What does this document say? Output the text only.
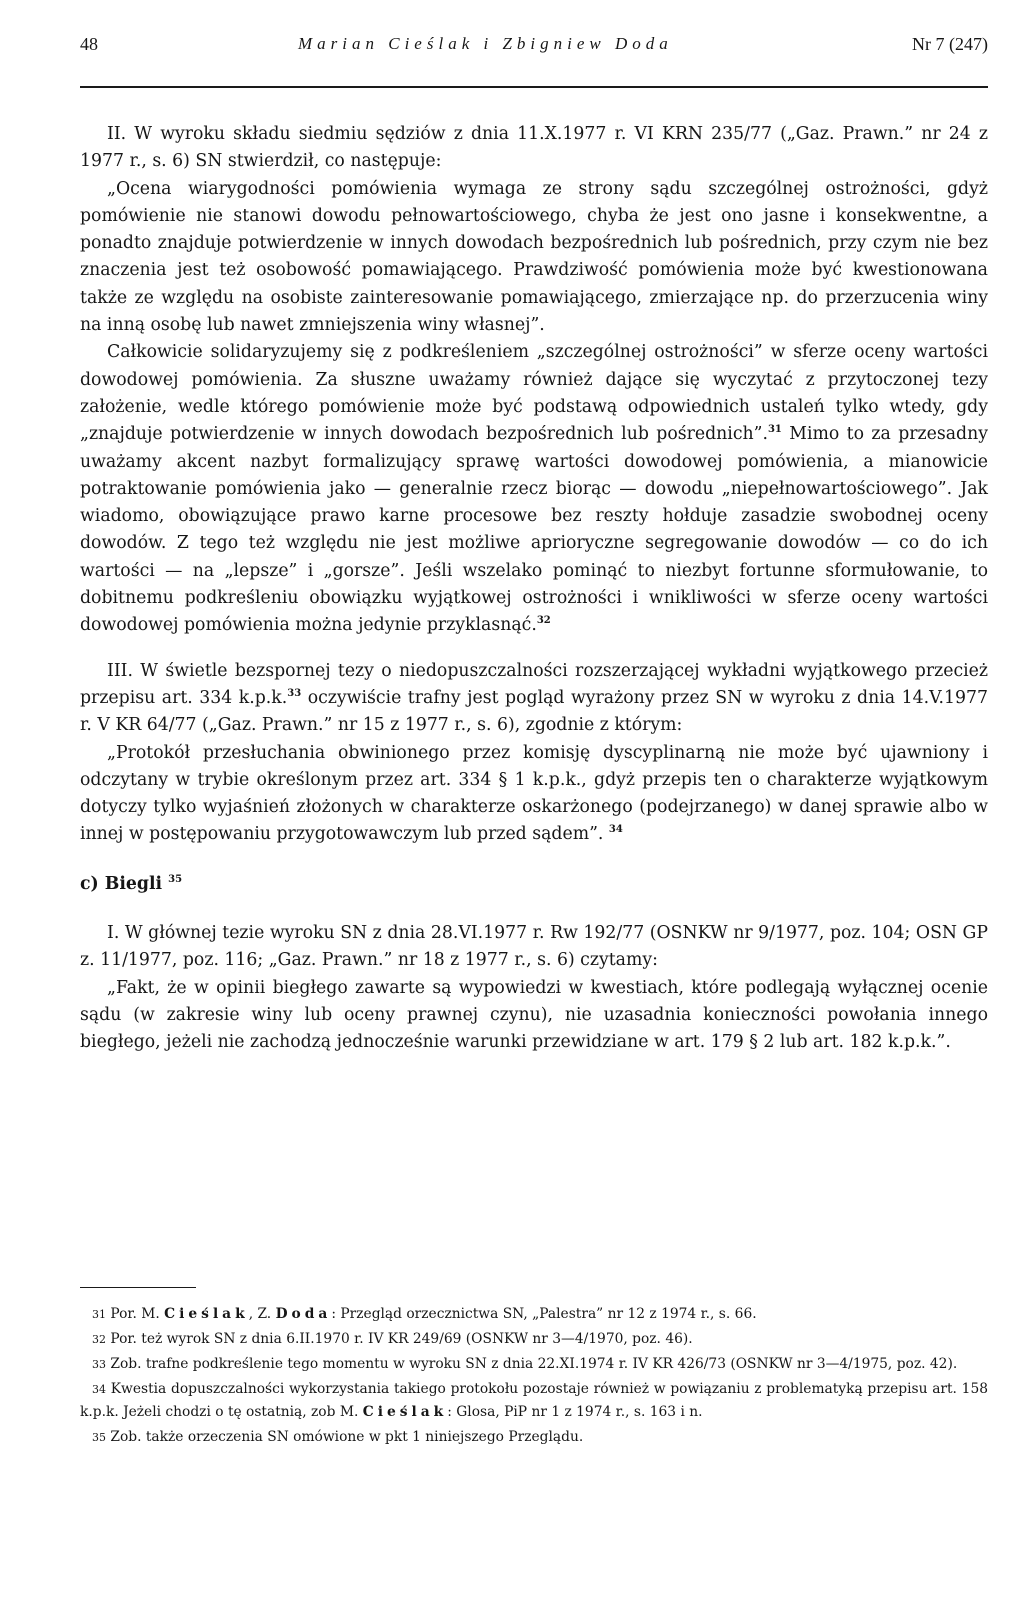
48	Marian Cieślak i Zbigniew Doda	Nr 7 (247)

II. W wyroku składu siedmiu sędziów z dnia 11.X.1977 r. VI KRN 235/77 („Gaz. Prawn.” nr 24 z 1977 r., s. 6) SN stwierdził, co następuje:

„Ocena wiarygodności pomówienia wymaga ze strony sądu szczególnej ostrożności, gdyż pomówienie nie stanowi dowodu pełnowartościowego, chyba że jest ono jasne i konsekwentne, a ponadto znajduje potwierdzenie w innych dowodach bezpośrednich lub pośrednich, przy czym nie bez znaczenia jest też osobowość pomawiającego. Prawdziwość pomówienia może być kwestionowana także ze względu na osobiste zainteresowanie pomawiającego, zmierzające np. do przerzucenia winy na inną osobę lub nawet zmniejszenia winy własnej”.

Całkowicie solidaryzujemy się z podkreśleniem „szczególnej ostrożności” w sferze oceny wartości dowodowej pomówienia. Za słuszne uważamy również dające się wyczytać z przytoczonej tezy założenie, wedle którego pomówienie może być podstawą odpowiednich ustaleń tylko wtedy, gdy „znajduje potwierdzenie w innych dowodach bezpośrednich lub pośrednich”.$^{31}$ Mimo to za przesadny uważamy akcent nazbyt formalizujący sprawę wartości dowodowej pomówienia, a mianowicie potraktowanie pomówienia jako — generalnie rzecz biorąc — dowodu „niepełnowartościowego”. Jak wiadomo, obowiązujące prawo karne procesowe bez reszty hołduje zasadzie swobodnej oceny dowodów. Z tego też względu nie jest możliwe aprioryczne segregowanie dowodów — co do ich wartości — na „lepsze” i „gorsze”. Jeśli wszelako pominąć to niezbyt fortunne sformułowanie, to dobitnemu podkreśleniu obowiązku wyjątkowej ostrożności i wnikliwości w sferze oceny wartości dowodowej pomówienia można jedynie przyklasnąć.$^{32}$

III. W świetle bezspornej tezy o niedopuszczalności rozszerzającej wykładni wyjątkowego przecież przepisu art. 334 k.p.k.$^{33}$ oczywiście trafny jest pogląd wyrażony przez SN w wyroku z dnia 14.V.1977 r. V KR 64/77 („Gaz. Prawn.” nr 15 z 1977 r., s. 6), zgodnie z którym:

„Protokół przesłuchania obwinionego przez komisję dyscyplinarną nie może być ujawniony i odczytany w trybie określonym przez art. 334 § 1 k.p.k., gdyż przepis ten o charakterze wyjątkowym dotyczy tylko wyjaśnień złożonych w charakterze oskarżonego (podejrzanego) w danej sprawie albo w innej w postępowaniu przygotowawczym lub przed sądem”. $^{34}$

c) Biegli $^{35}$

I. W głównej tezie wyroku SN z dnia 28.VI.1977 r. Rw 192/77 (OSNKW nr 9/1977, poz. 104; OSN GP z. 11/1977, poz. 116; „Gaz. Prawn.” nr 18 z 1977 r., s. 6) czytamy:

„Fakt, że w opinii biegłego zawarte są wypowiedzi w kwestiach, które podlegają wyłącznej ocenie sądu (w zakresie winy lub oceny prawnej czynu), nie uzasadnia konieczności powołania innego biegłego, jeżeli nie zachodzą jednocześnie warunki przewidziane w art. 179 § 2 lub art. 182 k.p.k.”.

31 Por. M. Cieślak, Z. Doda: Przegląd orzecznictwa SN, „Palestra” nr 12 z 1974 r., s. 66.

32 Por. też wyrok SN z dnia 6.II.1970 r. IV KR 249/69 (OSNKW nr 3—4/1970, poz. 46).

33 Zob. trafne podkreślenie tego momentu w wyroku SN z dnia 22.XI.1974 r. IV KR 426/73 (OSNKW nr 3—4/1975, poz. 42).

34 Kwestia dopuszczalności wykorzystania takiego protokołu pozostaje również w powiązaniu z problematyką przepisu art. 158 k.p.k. Jeżeli chodzi o tę ostatnią, zob M. Cieślak: Glosa, PiP nr 1 z 1974 r., s. 163 i n.

35 Zob. także orzeczenia SN omówione w pkt 1 niniejszego Przeglądu.
